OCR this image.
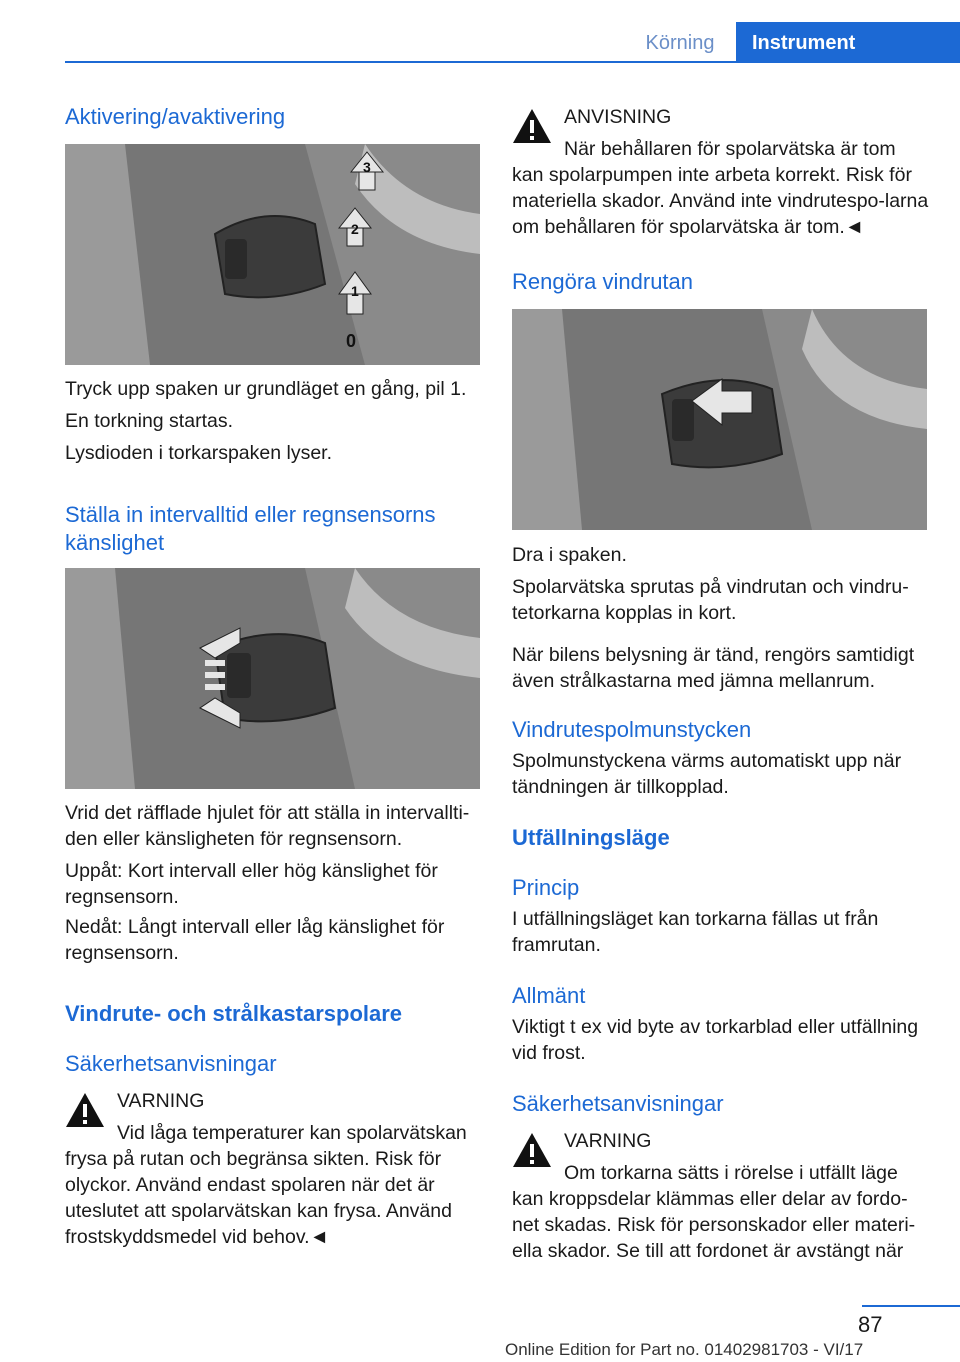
Körning	Instrument
Aktivering/avaktivering
3
2
1
0

Tryck upp spaken ur grundläget en gång, pil 1.

En torkning startas.

Lysdioden i torkarspaken lyser.

Ställa in intervalltid eller regnsensorns känslighet

Vrid det räfflade hjulet för att ställa in intervallti-den eller känsligheten för regnsensorn.

Uppåt: Kort intervall eller hög känslighet för regnsensorn.

Nedåt: Långt intervall eller låg känslighet för regnsensorn.

Vindrute- och strålkastarspolare
Säkerhetsanvisningar

VARNING

Vid låga temperaturer kan spolarvätskan

frysa på rutan och begränsa sikten. Risk för olyckor. Använd endast spolaren när det är uteslutet att spolarvätskan kan frysa. Använd frostskyddsmedel vid behov.◄

ANVISNING

När behållaren för spolarvätska är tom

kan spolarpumpen inte arbeta korrekt. Risk för materiella skador. Använd inte vindrutespo-larna om behållaren för spolarvätska är tom.◄

Rengöra vindrutan

Dra i spaken.

Spolarvätska sprutas på vindrutan och vindru-tetorkarna kopplas in kort.

När bilens belysning är tänd, rengörs samtidigt även strålkastarna med jämna mellanrum.

Vindrutespolmunstycken

Spolmunstyckena värms automatiskt upp när tändningen är tillkopplad.

Utfällningsläge
Princip

I utfällningsläget kan torkarna fällas ut från framrutan.

Allmänt

Viktigt t ex vid byte av torkarblad eller utfällning vid frost.

Säkerhetsanvisningar

VARNING

Om torkarna sätts i rörelse i utfällt läge

kan kroppsdelar klämmas eller delar av fordo-net skadas. Risk för personskador eller materi-ella skador. Se till att fordonet är avstängt när

87
Online Edition for Part no. 01402981703 - VI/17
